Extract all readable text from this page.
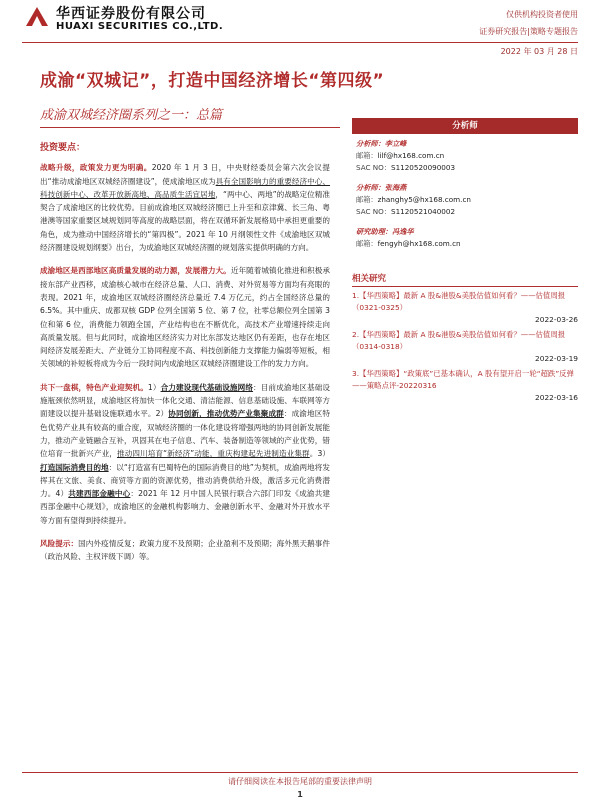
华西证券股份有限公司
HUAXI SECURITIES CO.,LTD.
仅供机构投资者使用
证券研究报告|策略专题报告
2022 年 03 月 28 日
成渝“双城记”，打造中国经济增长“第四级”
成渝双城经济圈系列之一：总篇

投资要点：

战略升级，政策发力更为明确。2020 年 1 月 3 日，中央财经委员会第六次会议提出“推动成渝地区双城经济圈建设”，使成渝地区成为具有全国影响力的重要经济中心、科技创新中心、改革开放新高地、高品质生活宜居地，“两中心、两地”的战略定位精准契合了成渝地区的比较优势。目前成渝地区双城经济圈已上升至和京津冀、长三角、粤港澳等国家重要区域规划同等高度的战略层面，将在双循环新发展格局中承担更重要的角色，成为推动中国经济增长的“第四极”。2021 年 10 月纲领性文件《成渝地区双城经济圈建设规划纲要》出台，为成渝地区双城经济圈的规划落实提供明确的方向。

成渝地区是西部地区高质量发展的动力源，发展潜力大。近年随着城镇化推进和积极承接东部产业西移，成渝核心城市在经济总量、人口、消费、对外贸易等方面均有亮眼的表现。2021 年，成渝地区双城经济圈经济总量近 7.4 万亿元，约占全国经济总量的 6.5%。其中重庆、成都双核 GDP 位列全国第 5 位、第 7 位，社零总额位列全国第 3 位和第 6 位，消费能力领跑全国，产业结构也在不断优化，高技术产业增速持续走向高质量发展。但与此同时，成渝地区经济实力对比东部发达地区仍有差距，也存在地区间经济发展差距大、产业链分工协同程度不高、科技创新能力支撑能力偏弱等短板，相关领域的补短板将成为今后一段时间内成渝地区双城经济圈建设工作的发力方向。

共下一盘棋，特色产业迎契机。1）合力建设现代基础设施网络：目前成渝地区基础设施瓶颈依然明显，成渝地区将加快一体化交通、清洁能源、信息基础设施、车联网等方面建设以提升基础设施联通水平。2）协同创新，推动优势产业集聚成群：成渝地区特色优势产业具有较高的重合度，双城经济圈的一体化建设将增强两地的协同创新发展能力，推动产业链融合互补，巩固其在电子信息、汽车、装备制造等领域的产业优势，错位培育一批新兴产业，推动四川培育“新经济”动能，重庆构建起先进制造业集群。3）打造国际消费目的地：以“打造富有巴蜀特色的国际消费目的地”为契机，成渝两地将发挥其在文旅、美食、商贸等方面的资源优势，推动消费供给升级，激活多元化消费潜力。4）共建西部金融中心：2021 年 12 月中国人民银行联合六部门印发《成渝共建西部金融中心规划》，成渝地区的金融机构影响力、金融创新水平、金融对外开放水平等方面有望得到持续提升。

风险提示：国内外疫情反复；政策力度不及预期；企业盈利不及预期；海外黑天鹅事件（政治风险、主权评级下调）等。

分析师
分析师：李立峰
邮箱：lilf@hx168.com.cn
SAC NO：S1120520090003
分析师：张海燕
邮箱：zhanghy5@hx168.com.cn
SAC NO：S1120521040002
研究助理：冯逸华
邮箱：fengyh@hx168.com.cn
相关研究
1.【华西策略】最新 A 股&港股&美股估值如何看？——估值周报（0321-0325）
2022-03-26
2.【华西策略】最新 A 股&港股&美股估值如何看？——估值周报（0314-0318）
2022-03-19
3.【华西策略】“政策底”已基本确认，A 股有望开启一轮“超跌”反弹——策略点评-20220316
2022-03-16
请仔细阅读在本报告尾部的重要法律声明
1
